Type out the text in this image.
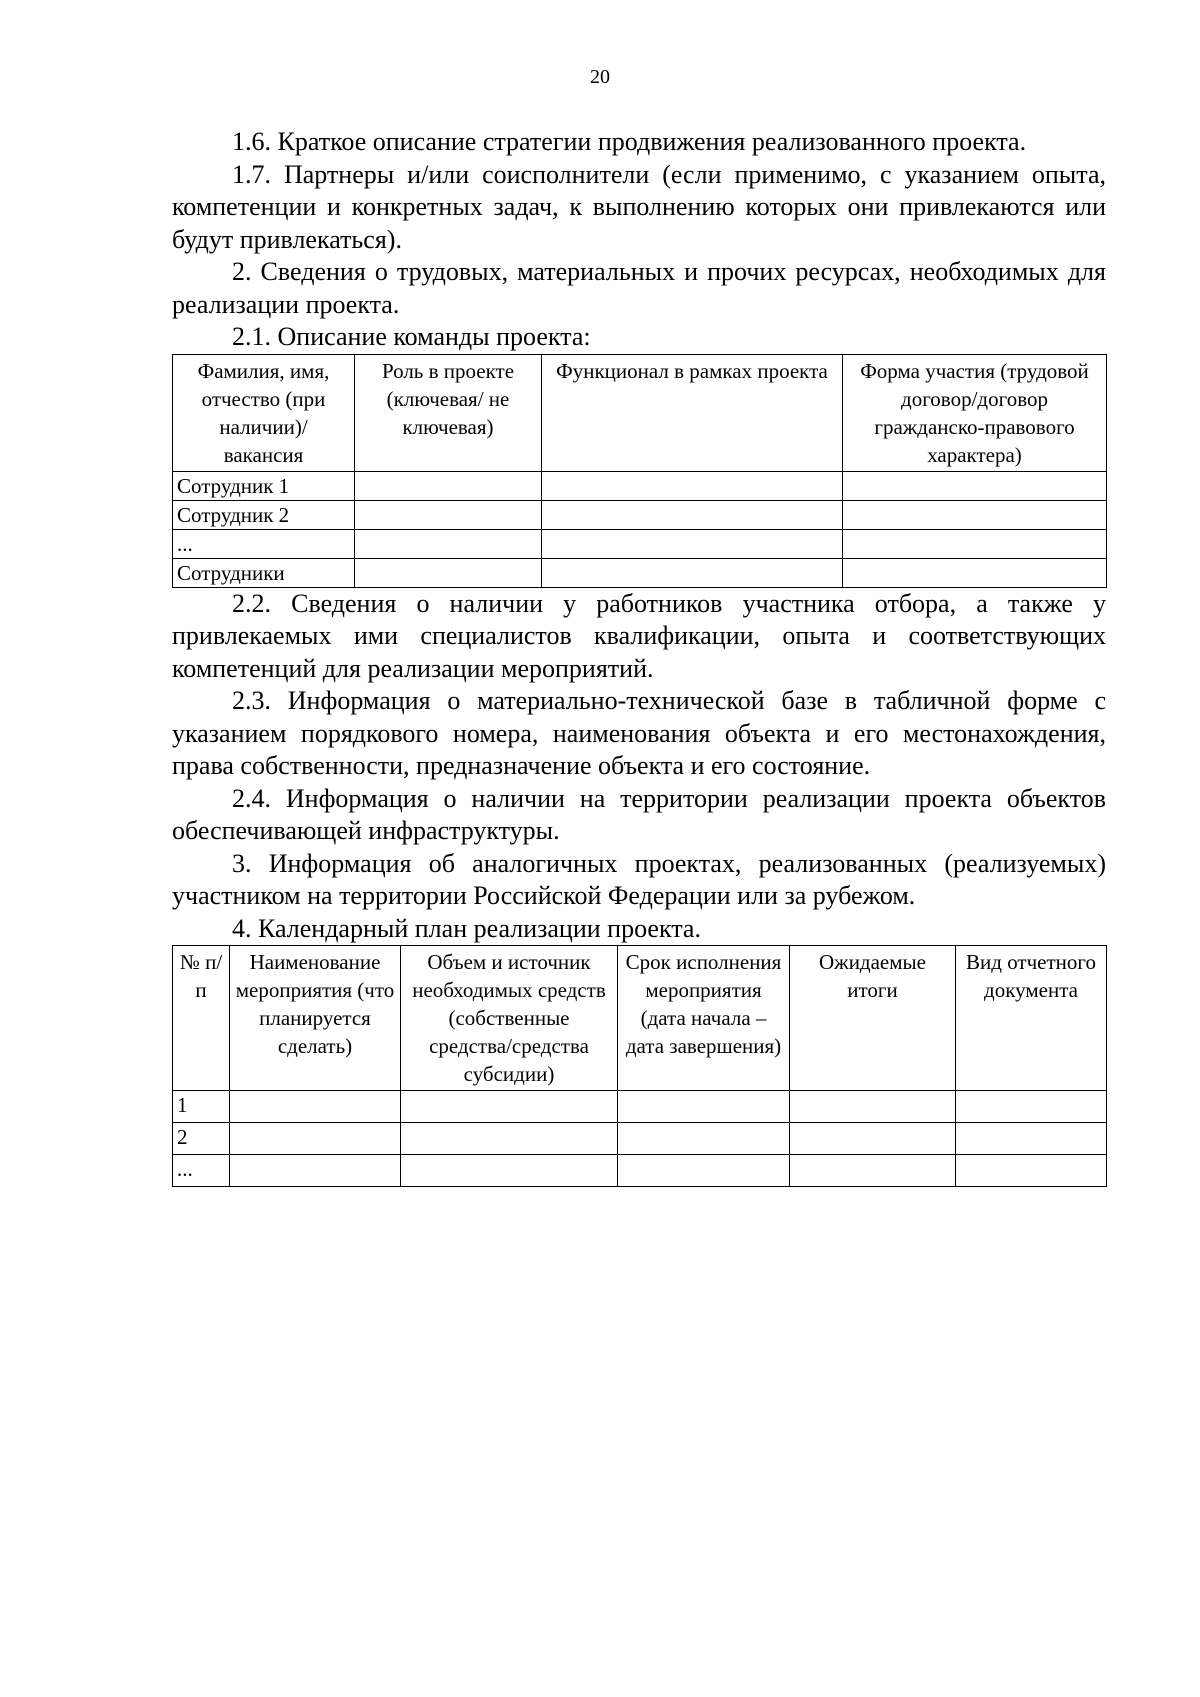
20

1.6. Краткое описание стратегии продвижения реализованного проекта.

1.7. Партнеры и/или соисполнители (если применимо, с указанием опыта, компетенции и конкретных задач, к выполнению которых они привлекаются или будут привлекаться).

2. Сведения о трудовых, материальных и прочих ресурсах, необходимых для реализации проекта.

2.1. Описание команды проекта:

Фамилия, имя, отчество (при наличии)/ вакансия	Роль в проекте (ключевая/ не ключевая)	Функционал в рамках проекта	Форма участия (трудовой договор/договор гражданско-правового характера)
Сотрудник 1			
Сотрудник 2			
...			
Сотрудники			

2.2. Сведения о наличии у работников участника отбора, а также у привлекаемых ими специалистов квалификации, опыта и соответствующих компетенций для реализации мероприятий.

2.3. Информация о материально-технической базе в табличной форме с указанием порядкового номера, наименования объекта и его местонахождения, права собственности, предназначение объекта и его состояние.

2.4. Информация о наличии на территории реализации проекта объектов обеспечивающей инфраструктуры.

3. Информация об аналогичных проектах, реализованных (реализуемых) участником на территории Российской Федерации или за рубежом.

4. Календарный план реализации проекта.

№ п/п	Наименование мероприятия (что планируется сделать)	Объем и источник необходимых средств (собственные средства/средства субсидии)	Срок исполнения мероприятия (дата начала – дата завершения)	Ожидаемые итоги	Вид отчетного документа
1					
2					
...					
